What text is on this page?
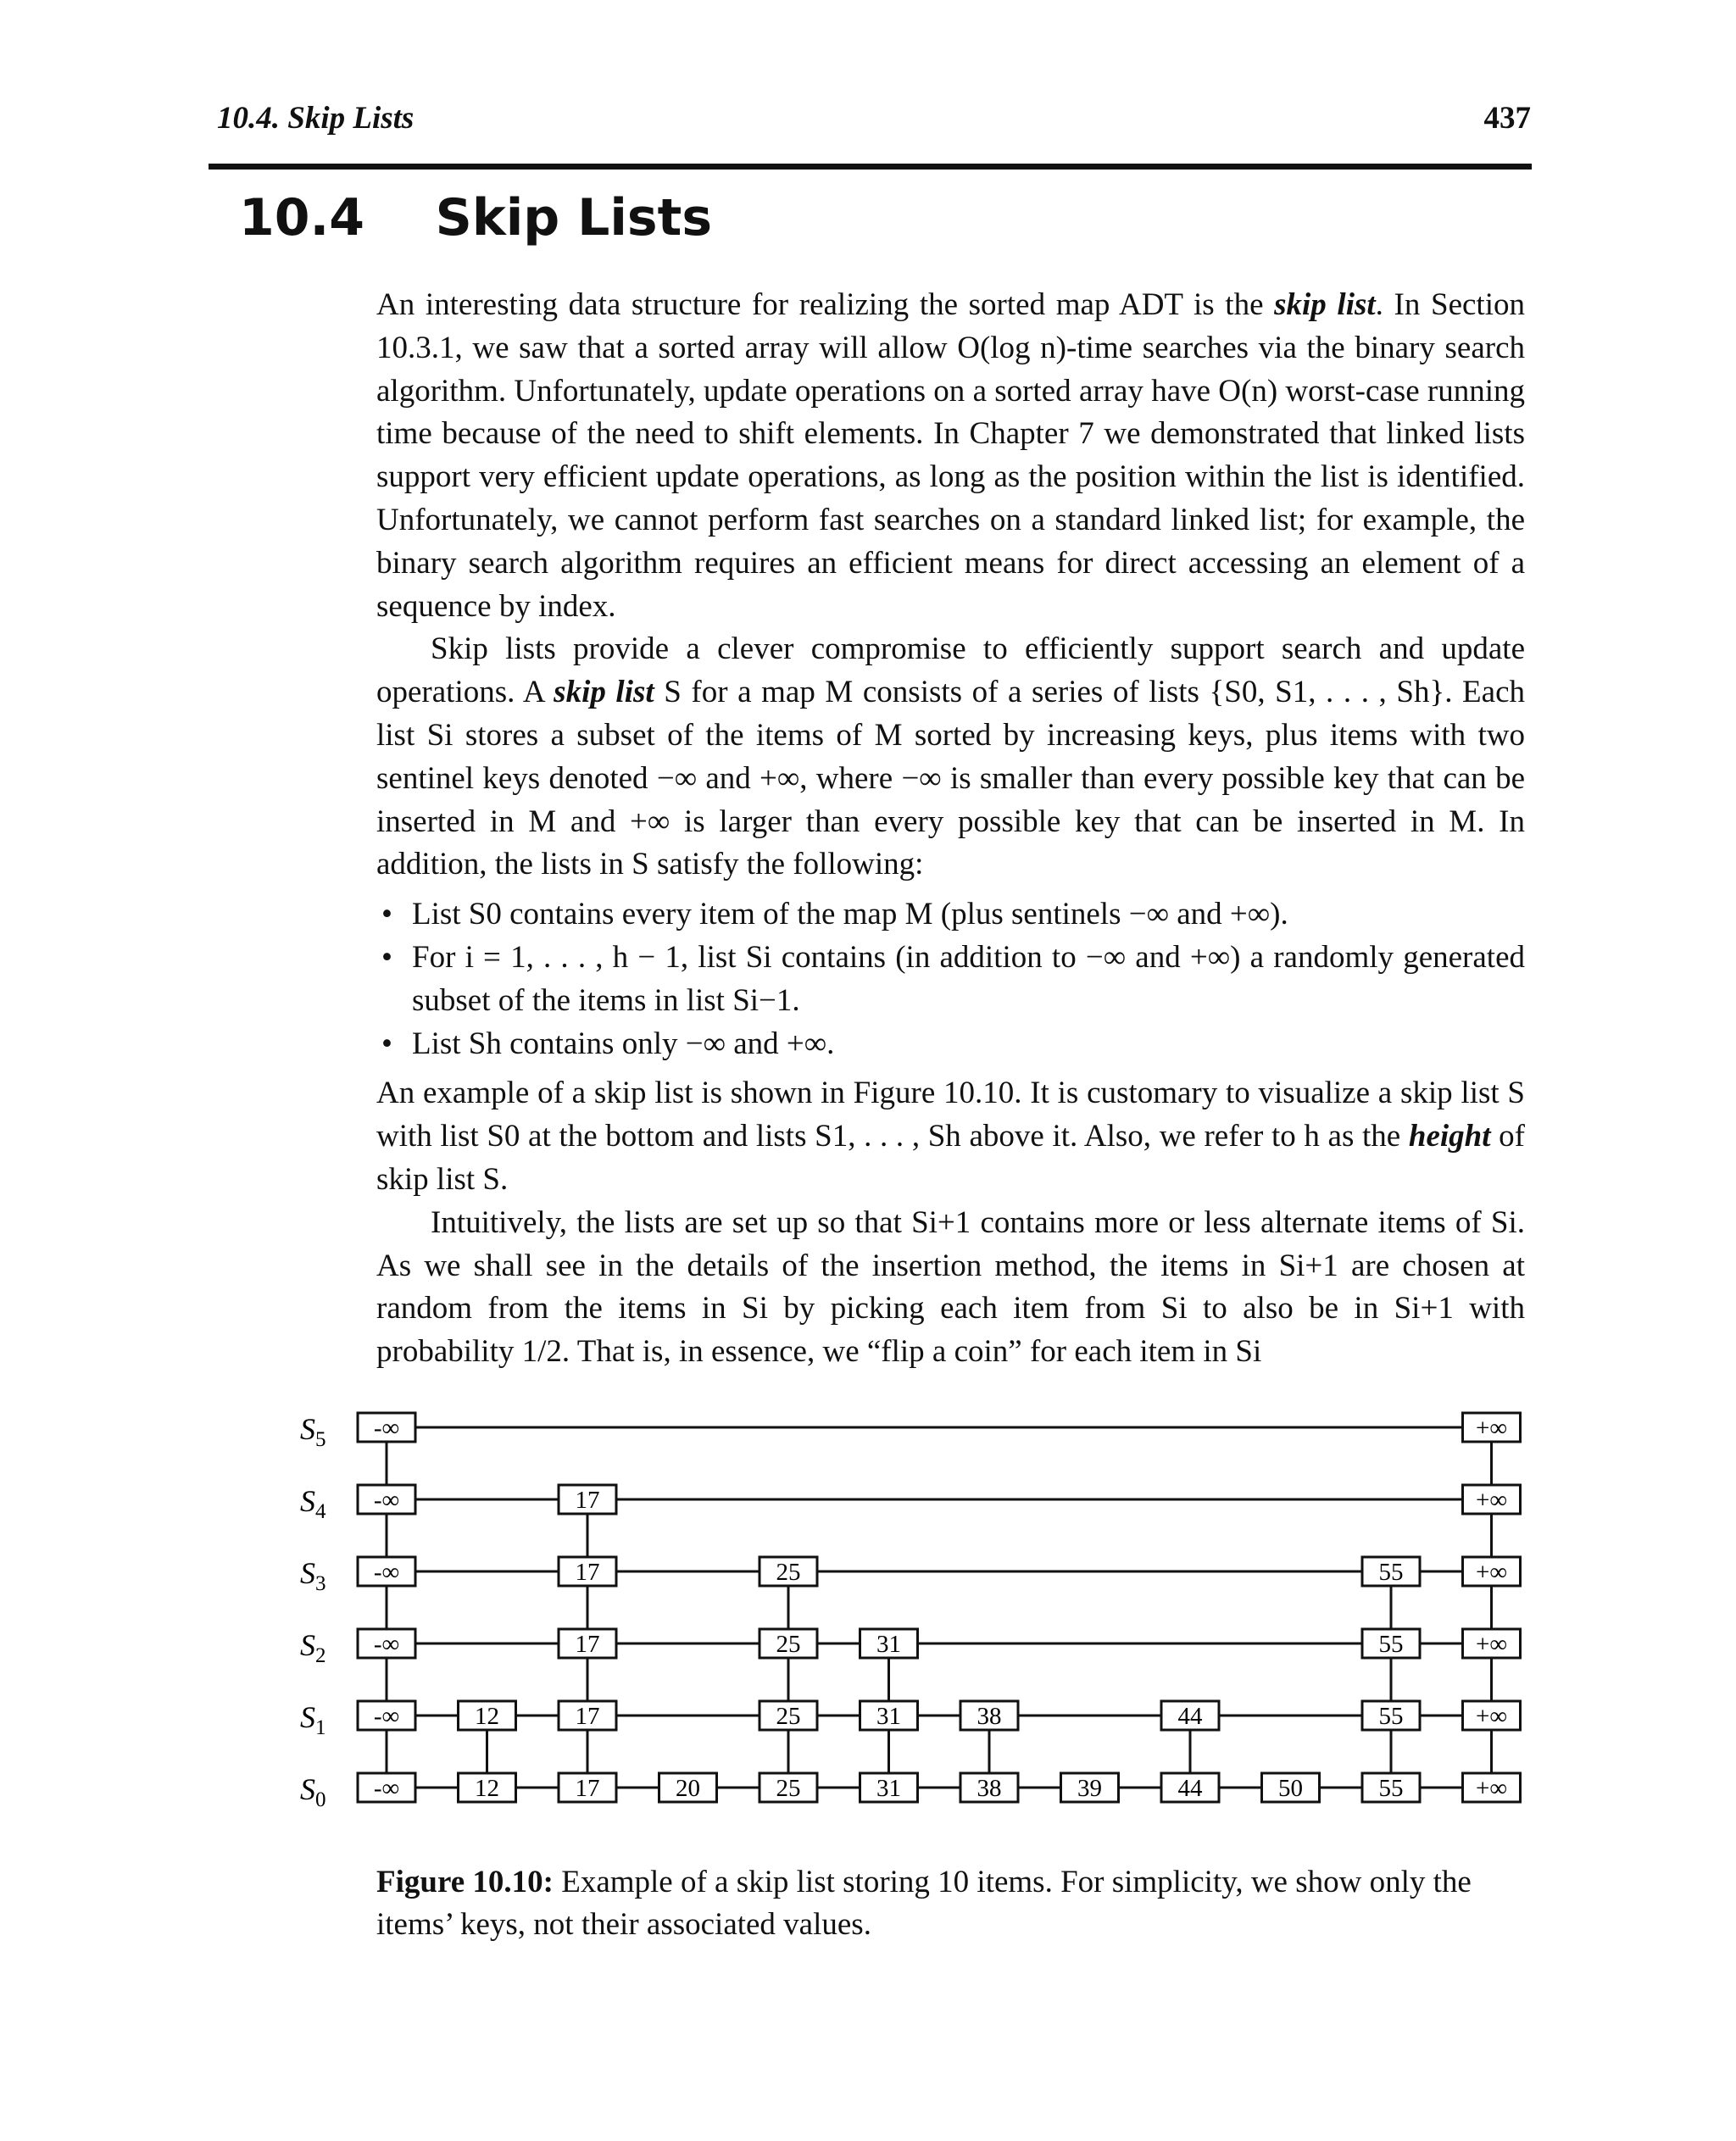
10.4. Skip Lists	437
10.4 Skip Lists

An interesting data structure for realizing the sorted map ADT is the skip list. In Section 10.3.1, we saw that a sorted array will allow O(log n)-time searches via the binary search algorithm. Unfortunately, update operations on a sorted array have O(n) worst-case running time because of the need to shift elements. In Chapter 7 we demonstrated that linked lists support very efficient update operations, as long as the position within the list is identified. Unfortunately, we cannot perform fast searches on a standard linked list; for example, the binary search algorithm requires an efficient means for direct accessing an element of a sequence by index.

Skip lists provide a clever compromise to efficiently support search and update operations. A skip list S for a map M consists of a series of lists {S0, S1, . . . , Sh}. Each list Si stores a subset of the items of M sorted by increasing keys, plus items with two sentinel keys denoted −∞ and +∞, where −∞ is smaller than every possible key that can be inserted in M and +∞ is larger than every possible key that can be inserted in M. In addition, the lists in S satisfy the following:

• List S0 contains every item of the map M (plus sentinels −∞ and +∞).
• For i = 1, . . . , h − 1, list Si contains (in addition to −∞ and +∞) a randomly generated subset of the items in list Si−1.
• List Sh contains only −∞ and +∞.

An example of a skip list is shown in Figure 10.10. It is customary to visualize a skip list S with list S0 at the bottom and lists S1, . . . , Sh above it. Also, we refer to h as the height of skip list S.

Intuitively, the lists are set up so that Si+1 contains more or less alternate items of Si. As we shall see in the details of the insertion method, the items in Si+1 are chosen at random from the items in Si by picking each item from Si to also be in Si+1 with probability 1/2. That is, in essence, we “flip a coin” for each item in Si

$S_5$ -∞	+∞
$S_4$ -∞	17	+∞
$S_3$ -∞	17	25	55	+∞
$S_2$ -∞	17	25	31	55	+∞
$S_1$ -∞	12	17	25	31	38	44	55	+∞
$S_0$ -∞	12	17	20	25	31	38	39	44	50	55	+∞
Figure 10.10: Example of a skip list storing 10 items. For simplicity, we show only the items’ keys, not their associated values.
